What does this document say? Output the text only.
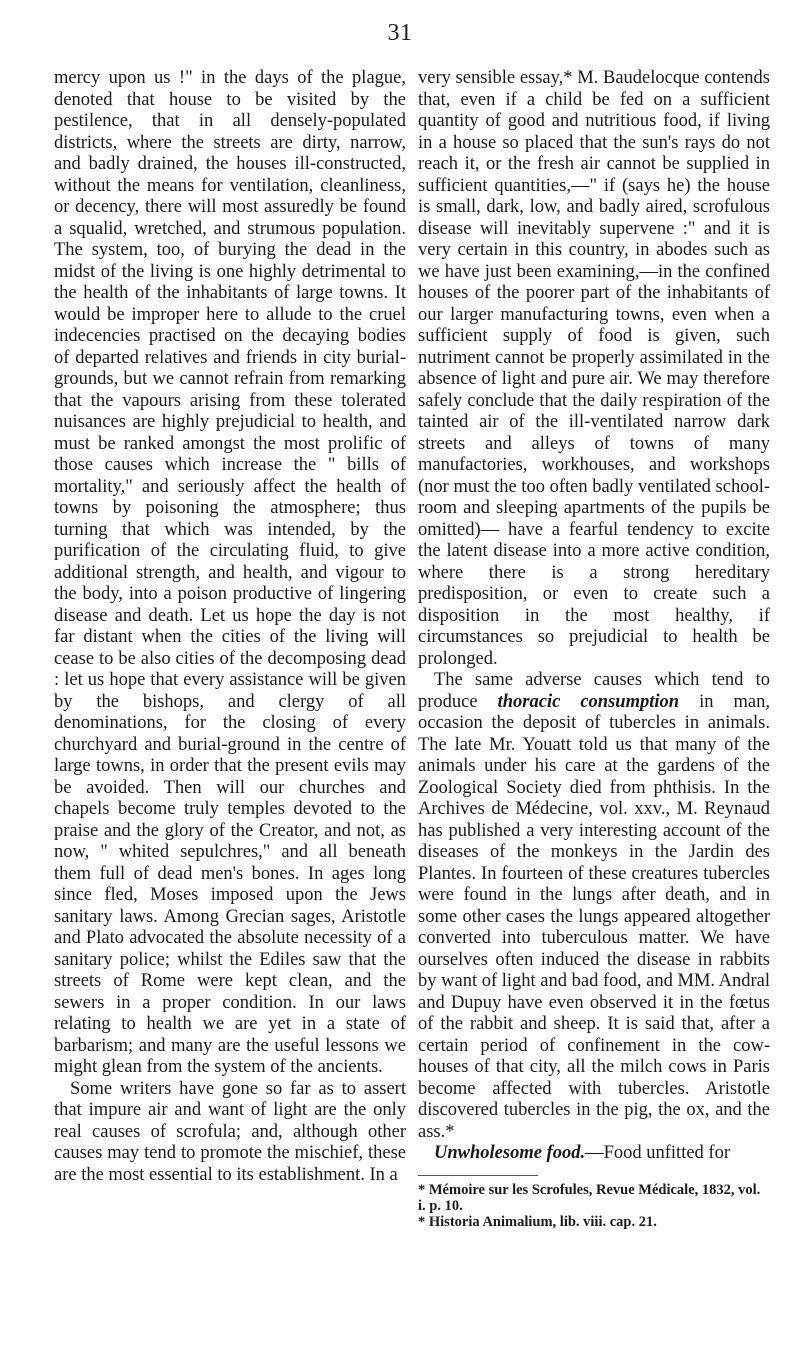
31

mercy upon us !" in the days of the plague, denoted that house to be visited by the pestilence, that in all densely-populated districts, where the streets are dirty, narrow, and badly drained, the houses ill-constructed, without the means for ventilation, cleanliness, or decency, there will most assuredly be found a squalid, wretched, and strumous population. The system, too, of burying the dead in the midst of the living is one highly detrimental to the health of the inhabitants of large towns. It would be improper here to allude to the cruel indecencies practised on the decaying bodies of departed relatives and friends in city burial-grounds, but we cannot refrain from remarking that the vapours arising from these tolerated nuisances are highly prejudicial to health, and must be ranked amongst the most prolific of those causes which increase the " bills of mortality," and seriously affect the health of towns by poisoning the atmosphere; thus turning that which was intended, by the purification of the circulating fluid, to give additional strength, and health, and vigour to the body, into a poison productive of lingering disease and death. Let us hope the day is not far distant when the cities of the living will cease to be also cities of the decomposing dead : let us hope that every assistance will be given by the bishops, and clergy of all denominations, for the closing of every churchyard and burial-ground in the centre of large towns, in order that the present evils may be avoided. Then will our churches and chapels become truly temples devoted to the praise and the glory of the Creator, and not, as now, " whited sepulchres," and all beneath them full of dead men's bones. In ages long since fled, Moses imposed upon the Jews sanitary laws. Among Grecian sages, Aristotle and Plato advocated the absolute necessity of a sanitary police; whilst the Ediles saw that the streets of Rome were kept clean, and the sewers in a proper condition. In our laws relating to health we are yet in a state of barbarism; and many are the useful lessons we might glean from the system of the ancients.

Some writers have gone so far as to assert that impure air and want of light are the only real causes of scrofula; and, although other causes may tend to promote the mischief, these are the most essential to its establishment. In a

very sensible essay,* M. Baudelocque contends that, even if a child be fed on a sufficient quantity of good and nutritious food, if living in a house so placed that the sun's rays do not reach it, or the fresh air cannot be supplied in sufficient quantities,—" if (says he) the house is small, dark, low, and badly aired, scrofulous disease will inevitably supervene :" and it is very certain in this country, in abodes such as we have just been examining,—in the confined houses of the poorer part of the inhabitants of our larger manufacturing towns, even when a sufficient supply of food is given, such nutriment cannot be properly assimilated in the absence of light and pure air. We may therefore safely conclude that the daily respiration of the tainted air of the ill-ventilated narrow dark streets and alleys of towns of many manufactories, workhouses, and workshops (nor must the too often badly ventilated school-room and sleeping apartments of the pupils be omitted)— have a fearful tendency to excite the latent disease into a more active condition, where there is a strong hereditary predisposition, or even to create such a disposition in the most healthy, if circumstances so prejudicial to health be prolonged.

The same adverse causes which tend to produce thoracic consumption in man, occasion the deposit of tubercles in animals. The late Mr. Youatt told us that many of the animals under his care at the gardens of the Zoological Society died from phthisis. In the Archives de Médecine, vol. xxv., M. Reynaud has published a very interesting account of the diseases of the monkeys in the Jardin des Plantes. In fourteen of these creatures tubercles were found in the lungs after death, and in some other cases the lungs appeared altogether converted into tuberculous matter. We have ourselves often induced the disease in rabbits by want of light and bad food, and MM. Andral and Dupuy have even observed it in the fœtus of the rabbit and sheep. It is said that, after a certain period of confinement in the cow-houses of that city, all the milch cows in Paris become affected with tubercles. Aristotle discovered tubercles in the pig, the ox, and the ass.*

Unwholesome food.—Food unfitted for

* Mémoire sur les Scrofules, Revue Médicale, 1832, vol. i. p. 10.

* Historia Animalium, lib. viii. cap. 21.
